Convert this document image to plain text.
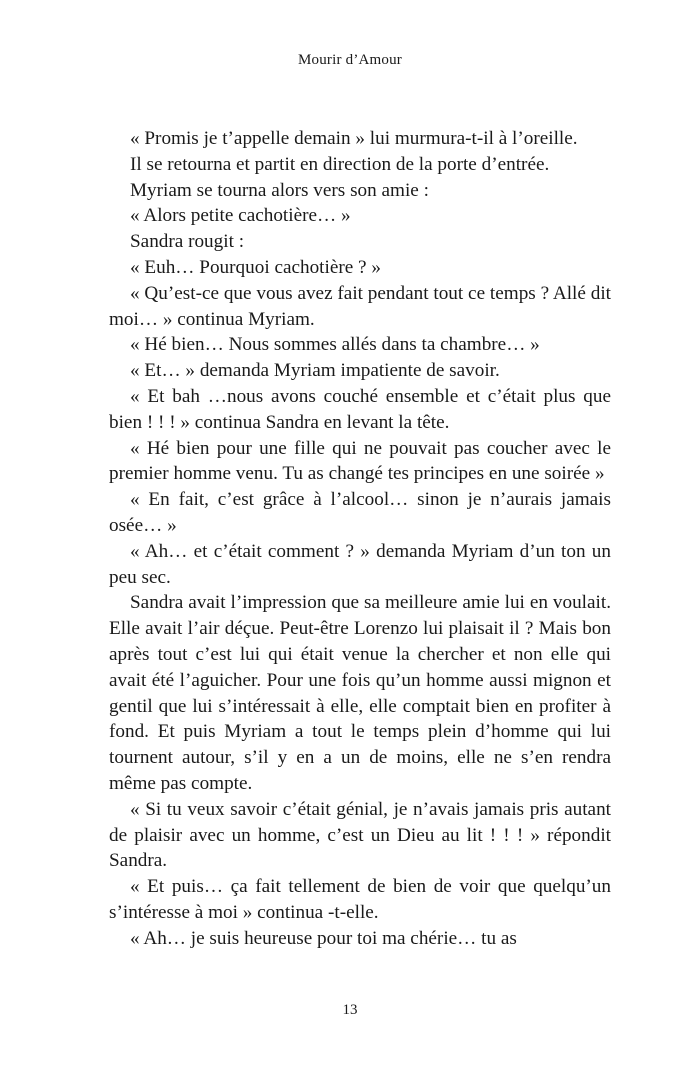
Mourir d’Amour

« Promis je t’appelle demain » lui murmura-t-il à l’oreille.

Il se retourna et partit en direction de la porte d’entrée.

Myriam se tourna alors vers son amie :

« Alors petite cachotière… »

Sandra rougit :

« Euh… Pourquoi cachotière ? »

« Qu’est-ce que vous avez fait pendant tout ce temps ? Allé dit moi… » continua Myriam.

« Hé bien… Nous sommes allés dans ta chambre… »

« Et… » demanda Myriam impatiente de savoir.

« Et bah …nous avons couché ensemble et c’était plus que bien ! ! ! » continua Sandra en levant la tête.

« Hé bien pour une fille qui ne pouvait pas coucher avec le premier homme venu. Tu as changé tes principes en une soirée »

« En fait, c’est grâce à l’alcool… sinon je n’aurais jamais osée… »

« Ah… et c’était comment ? » demanda Myriam d’un ton un peu sec.

Sandra avait l’impression que sa meilleure amie lui en voulait. Elle avait l’air déçue. Peut-être Lorenzo lui plaisait il ? Mais bon après tout c’est lui qui était venue la chercher et non elle qui avait été l’aguicher. Pour une fois qu’un homme aussi mignon et gentil que lui s’intéressait à elle, elle comptait bien en profiter à fond. Et puis Myriam a tout le temps plein d’homme qui lui tournent autour, s’il y en a un de moins, elle ne s’en rendra même pas compte.

« Si tu veux savoir c’était génial, je n’avais jamais pris autant de plaisir avec un homme, c’est un Dieu au lit ! ! ! » répondit Sandra.

« Et puis… ça fait tellement de bien de voir que quelqu’un s’intéresse à moi » continua -t-elle.

« Ah… je suis heureuse pour toi ma chérie… tu as

13
